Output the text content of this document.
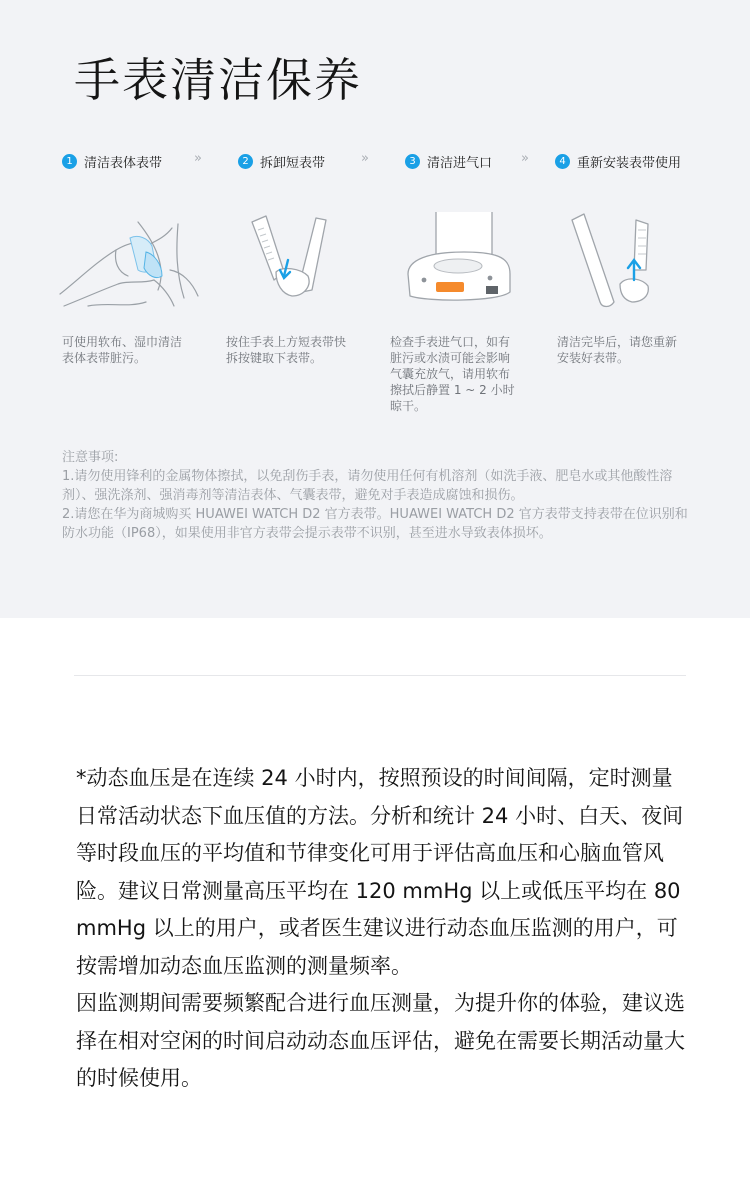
手表清洁保养
1 清洁表体表带 »	2 拆卸短表带	»	3 清洁进气口 »	4 重新安装表带使用
可使用软布、湿巾清洁表体表带脏污。
按住手表上方短表带快拆按键取下表带。
检查手表进气口，如有脏污或水渍可能会影响气囊充放气，请用软布擦拭后静置 1 ~ 2 小时晾干。
清洁完毕后，请您重新安装好表带。

注意事项:

1.请勿使用锋利的金属物体擦拭，以免刮伤手表，请勿使用任何有机溶剂（如洗手液、肥皂水或其他酸性溶剂）、强洗涤剂、强消毒剂等清洁表体、气囊表带，避免对手表造成腐蚀和损伤。

2.请您在华为商城购买 HUAWEI WATCH D2 官方表带。HUAWEI WATCH D2 官方表带支持表带在位识别和防水功能（IP68），如果使用非官方表带会提示表带不识别，甚至进水导致表体损坏。

*动态血压是在连续 24 小时内，按照预设的时间间隔，定时测量日常活动状态下血压值的方法。分析和统计 24 小时、白天、夜间等时段血压的平均值和节律变化可用于评估高血压和心脑血管风险。建议日常测量高压平均在 120 mmHg 以上或低压平均在 80 mmHg 以上的用户，或者医生建议进行动态血压监测的用户，可按需增加动态血压监测的测量频率。

因监测期间需要频繁配合进行血压测量，为提升你的体验，建议选择在相对空闲的时间启动动态血压评估，避免在需要长期活动量大的时候使用。
